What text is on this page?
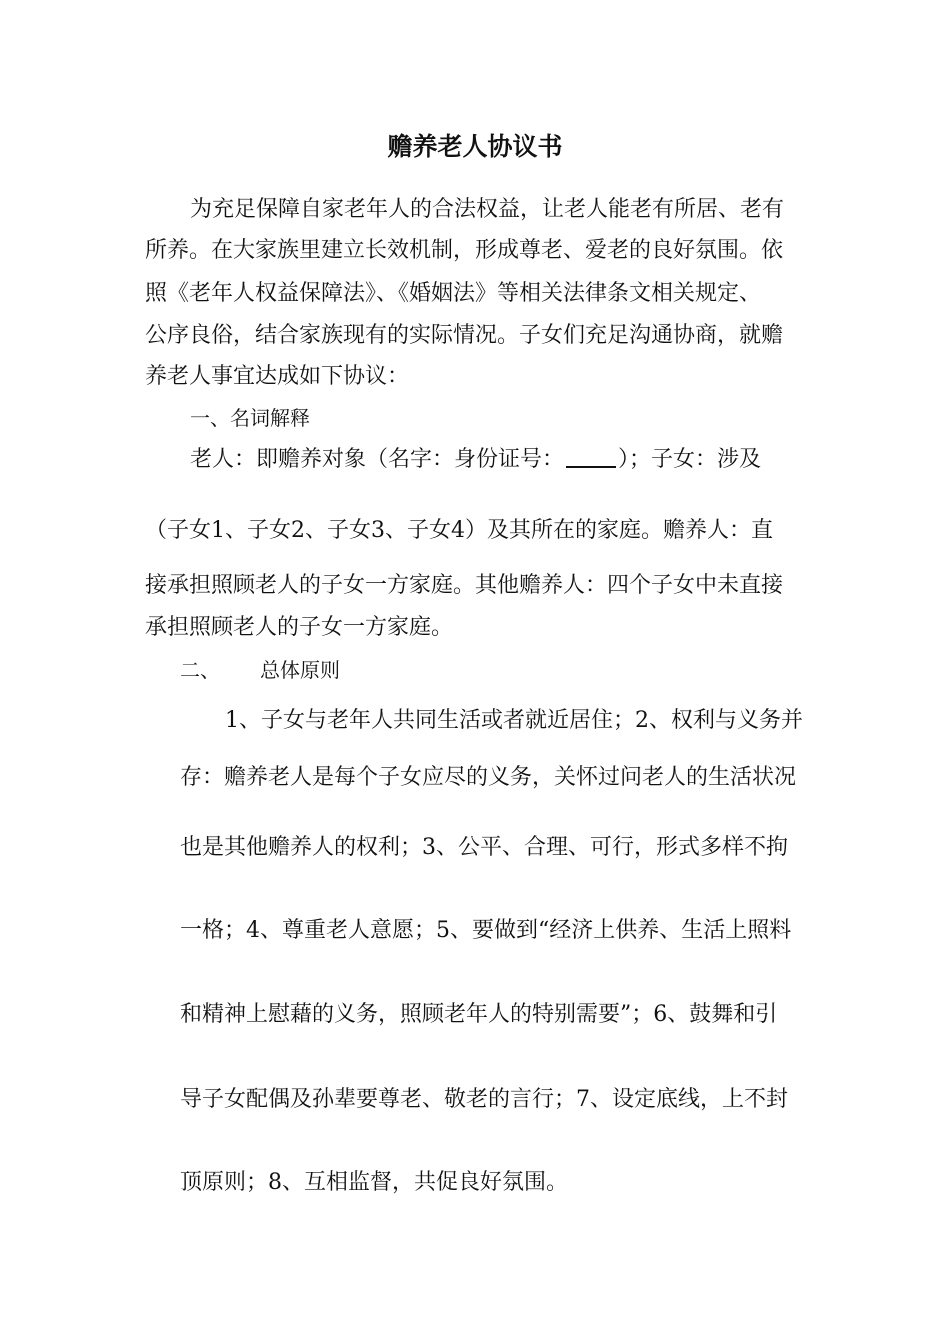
赡养老人协议书
为充足保障自家老年人的合法权益，让老人能老有所居、老有
所养。在大家族里建立长效机制，形成尊老、爱老的良好氛围。依
照《老年人权益保障法》、《婚姻法》等相关法律条文相关规定、
公序良俗，结合家族现有的实际情况。子女们充足沟通协商，就赡
养老人事宜达成如下协议：
一、名词解释
老人：即赡养对象（名字：身份证号： ）；子女：涉及
（子女1、子女2、子女3、子女4）及其所在的家庭。赡养人：直
接承担照顾老人的子女一方家庭。其他赡养人：四个子女中未直接
承担照顾老人的子女一方家庭。
二、 总体原则
1、子女与老年人共同生活或者就近居住；2、权利与义务并
存：赡养老人是每个子女应尽的义务，关怀过问老人的生活状况
也是其他赡养人的权利；3、公平、合理、可行，形式多样不拘
一格；4、尊重老人意愿；5、要做到“经济上供养、生活上照料
和精神上慰藉的义务，照顾老年人的特别需要”；6、鼓舞和引
导子女配偶及孙辈要尊老、敬老的言行；7、设定底线，上不封
顶原则；8、互相监督，共促良好氛围。
